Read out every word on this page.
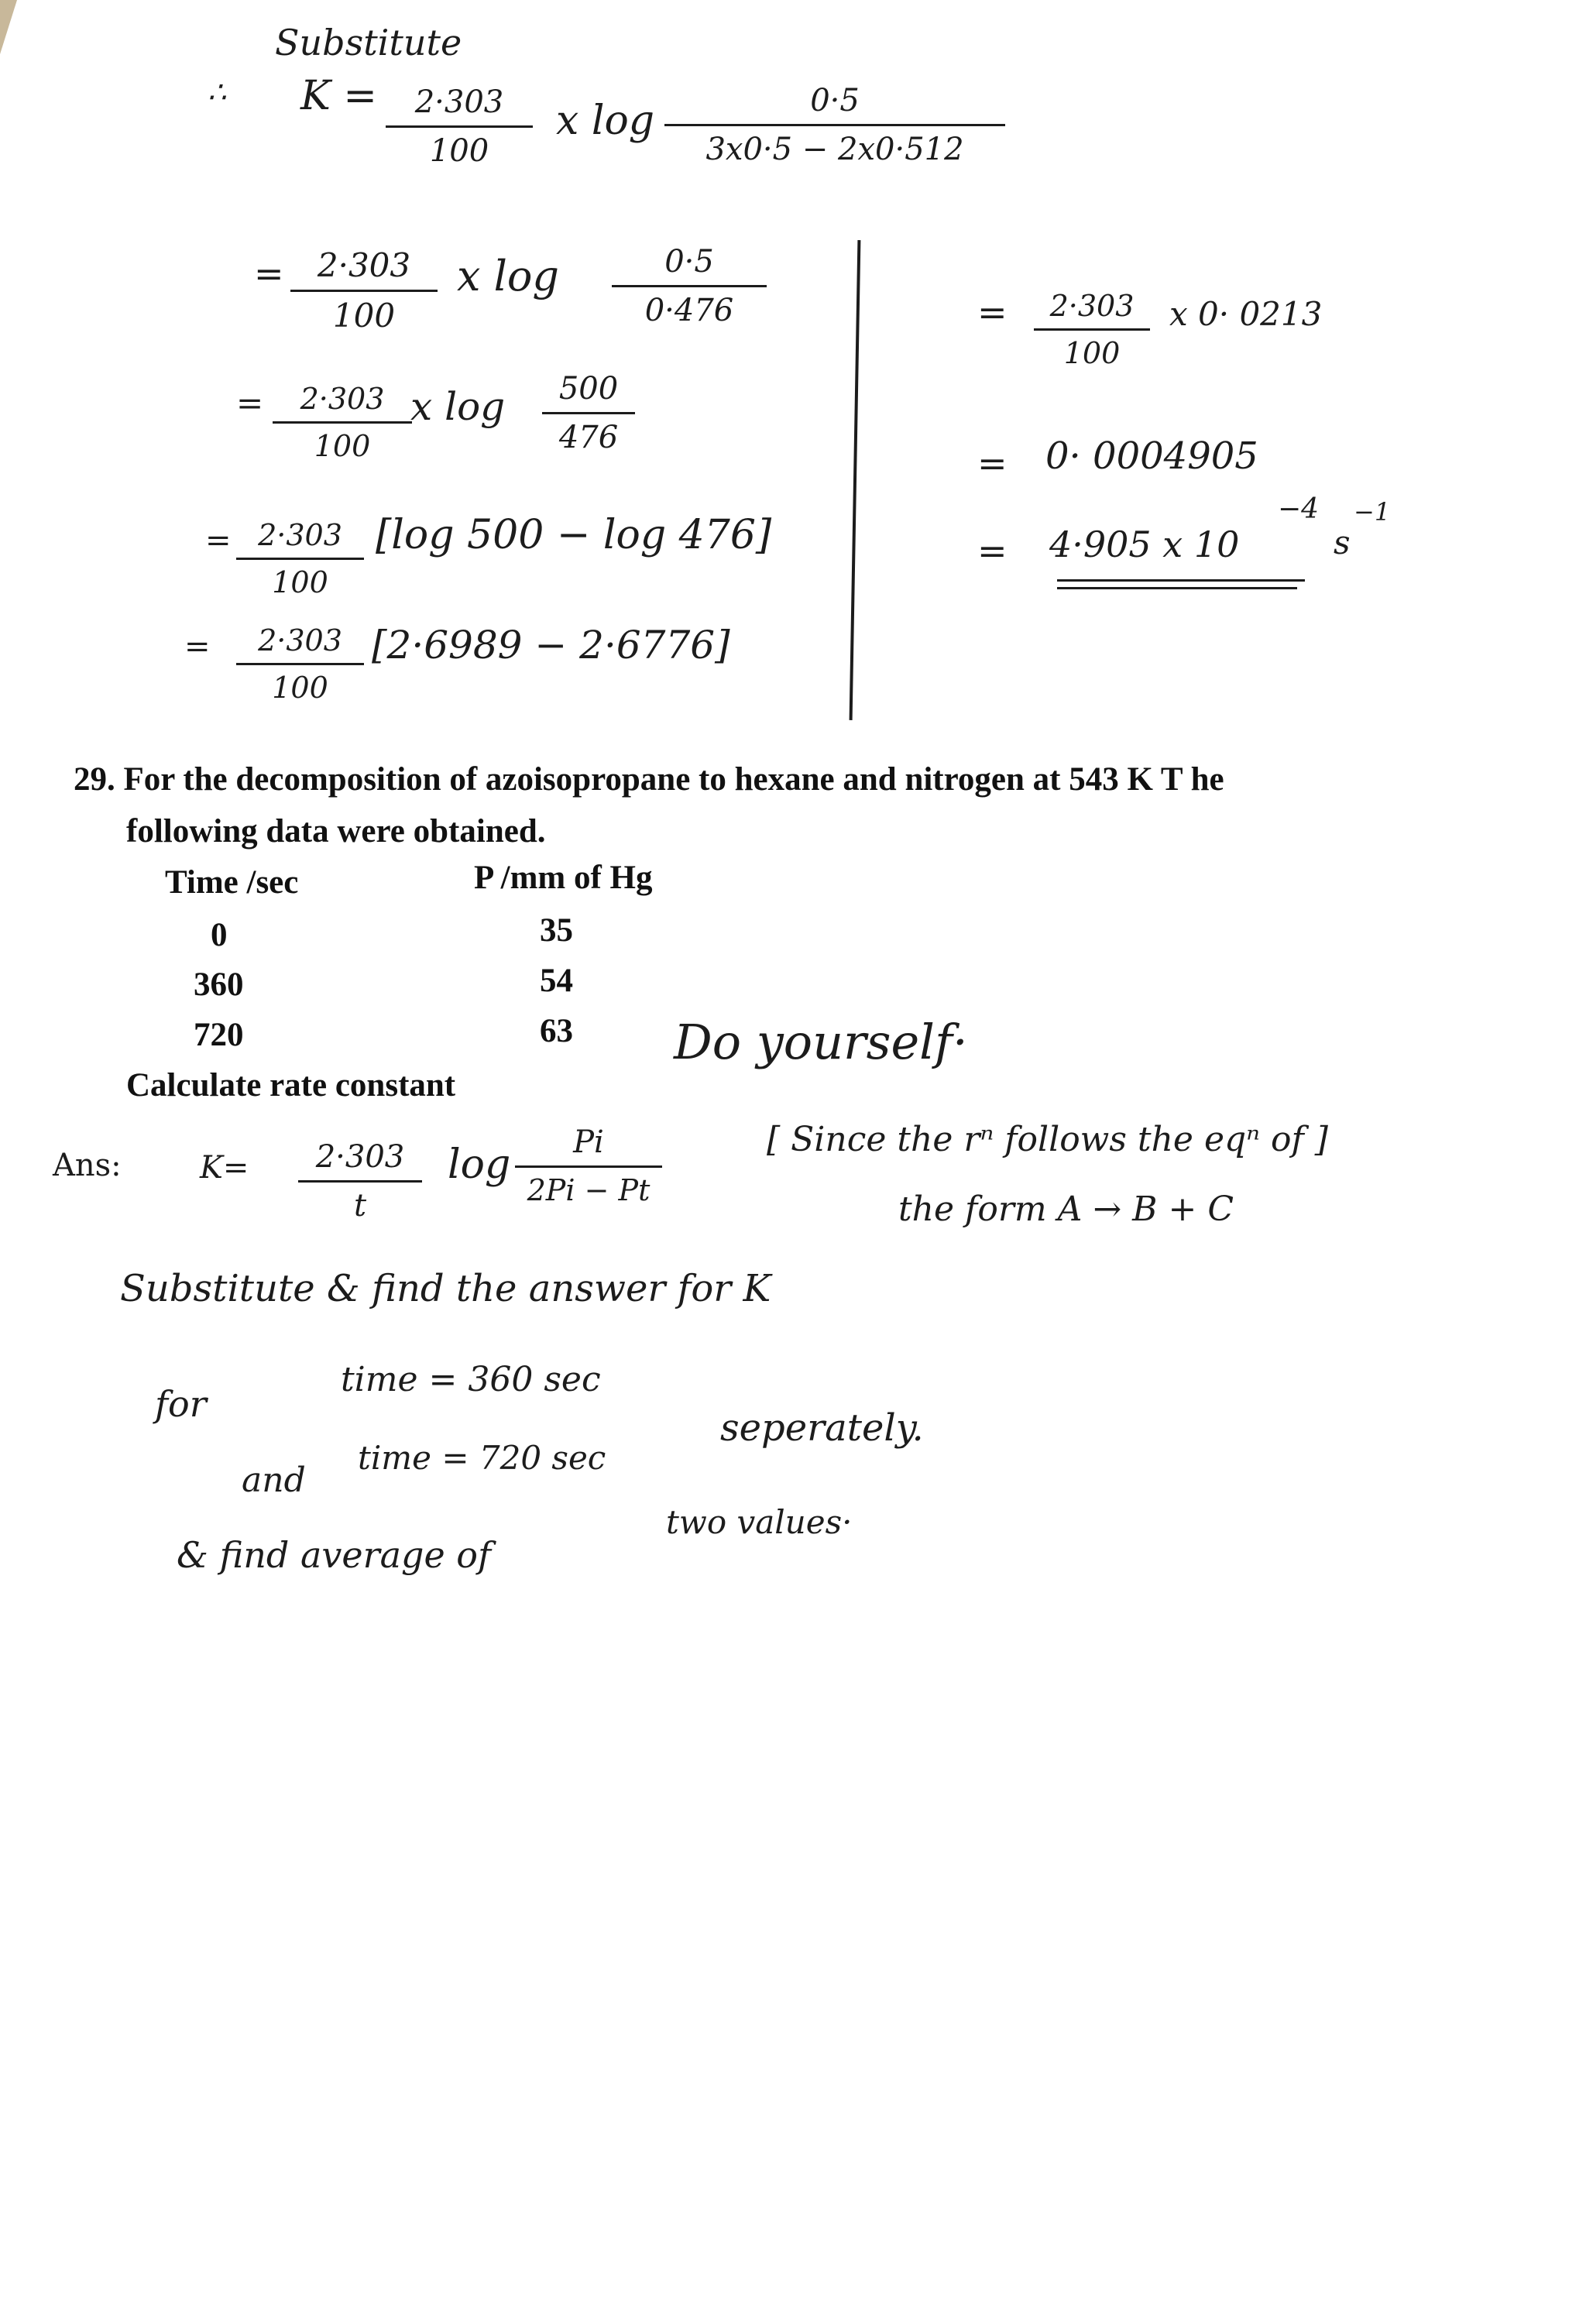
Substitute
∴ K = 2·303
100
x log	0·5
3x0·5 − 2x0·512
= 2·303
100
x log	0·5
0·476
= 2·303
100
x log 500
476
= 2·303
100
[log 500 − log 476]
= 2·303
100
[2·6989 − 2·6776]
= 2·303
100
x 0· 0213
= 0· 0004905
= 4·905 x 10
−4
s
−1
29. For the decomposition of azoisopropane to hexane and nitrogen at 543 K T he
following data were obtained.
Time /sec	P /mm of Hg
0	35
360	54
720	63
Calculate rate constant
Do yourself·
Ans:	K= 2·303
t
log Pi
2Pi − Pt
[ Since the rⁿ follows the eqⁿ of ]
the form A → B + C
Substitute & find the answer for K
for
time = 360 sec
and
time = 720 sec
seperately.
& find average of
two values·
